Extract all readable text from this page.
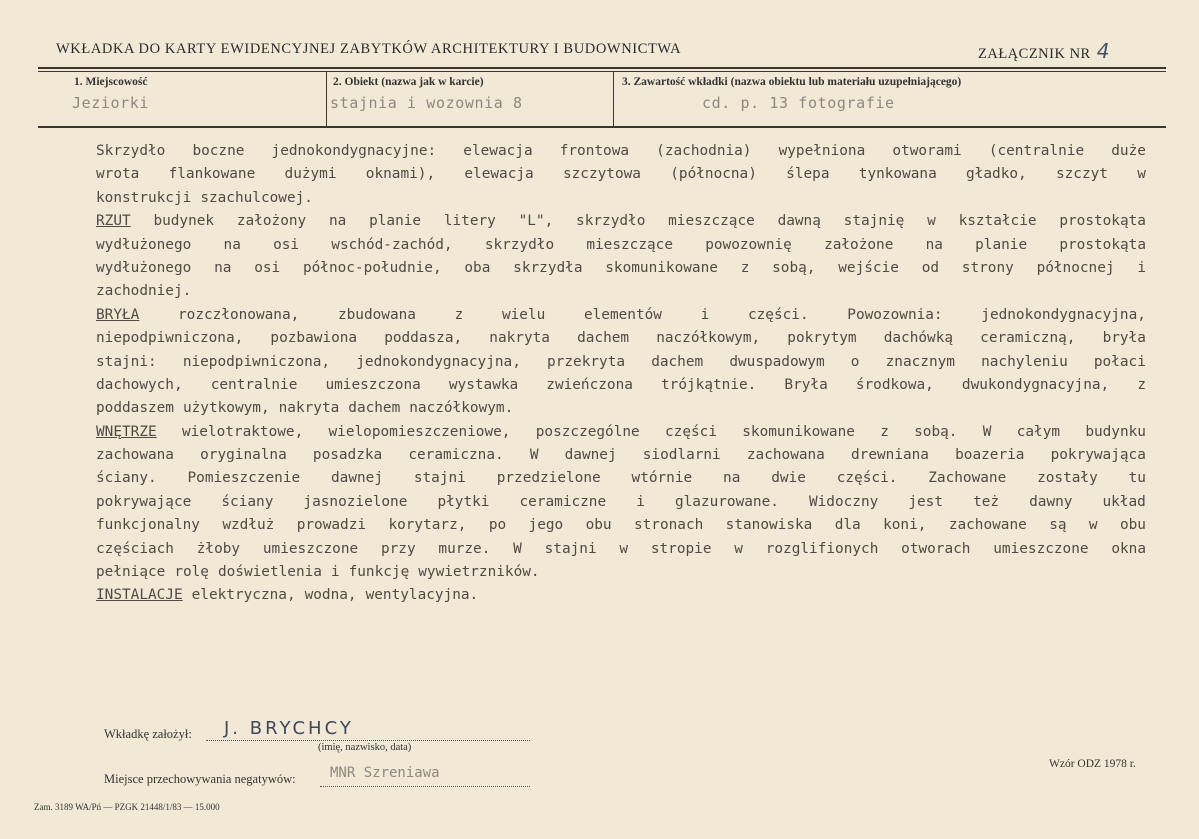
WKŁADKA DO KARTY EWIDENCYJNEJ ZABYTKÓW ARCHITEKTURY I BUDOWNICTWA	ZAŁĄCZNIK NR 4
1. Miejscowość
Jeziorki
2. Obiekt (nazwa jak w karcie)
stajnia i wozownia 8
3. Zawartość wkładki (nazwa obiektu lub materiału uzupełniającego)
cd. p. 13 fotografie
Skrzydło boczne jednokondygnacyjne: elewacja frontowa (zachodnia) wypełniona otworami (centralnie duże
wrota flankowane dużymi oknami), elewacja szczytowa (północna) ślepa tynkowana gładko, szczyt w
konstrukcji szachulcowej.
RZUT budynek założony na planie litery "L", skrzydło mieszczące dawną stajnię w kształcie prostokąta
wydłużonego na osi wschód-zachód, skrzydło mieszczące powozownię założone na planie prostokąta
wydłużonego na osi północ-południe, oba skrzydła skomunikowane z sobą, wejście od strony północnej i
zachodniej.
BRYŁA	rozczłonowana,	zbudowana	z	wielu	elementów	i	części.	Powozownia:	jednokondygnacyjna,
niepodpiwniczona, pozbawiona poddasza, nakryta dachem naczółkowym, pokrytym dachówką ceramiczną, bryła
stajni: niepodpiwniczona, jednokondygnacyjna, przekryta dachem dwuspadowym o znacznym nachyleniu połaci
dachowych, centralnie umieszczona wystawka zwieńczona trójkątnie. Bryła środkowa, dwukondygnacyjna, z
poddaszem użytkowym, nakryta dachem naczółkowym.
WNĘTRZE wielotraktowe, wielopomieszczeniowe, poszczególne części skomunikowane z sobą. W całym budynku
zachowana oryginalna posadzka ceramiczna. W dawnej siodlarni zachowana drewniana boazeria pokrywająca
ściany. Pomieszczenie dawnej stajni przedzielone wtórnie na dwie części. Zachowane zostały tu
pokrywające ściany jasnozielone płytki ceramiczne i glazurowane. Widoczny jest też dawny układ
funkcjonalny wzdłuż prowadzi korytarz, po jego obu stronach stanowiska dla koni, zachowane są w obu
częściach żłoby umieszczone przy murze. W stajni w stropie w rozglifionych otworach umieszczone okna
pełniące rolę doświetlenia i funkcję wywietrzników.
INSTALACJE elektryczna, wodna, wentylacyjna.
Wkładkę założył: J. BRYCHCY
(imię, nazwisko, data)
Miejsce przechowywania negatywów: MNR Szreniawa
Wzór ODZ 1978 r.
Zam. 3189 WA/Pń — PZGK 21448/1/83 — 15.000
